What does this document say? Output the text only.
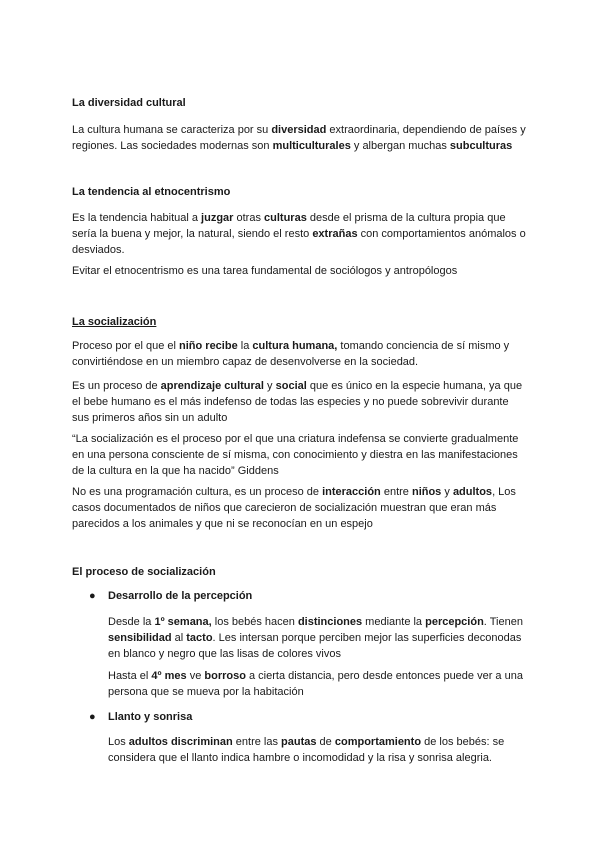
La diversidad cultural

La cultura humana se caracteriza por su diversidad extraordinaria, dependiendo de países y regiones. Las sociedades modernas son multiculturales y albergan muchas subculturas

La tendencia al etnocentrismo

Es la tendencia habitual a juzgar otras culturas desde el prisma de la cultura propia que sería la buena y mejor, la natural, siendo el resto extrañas con comportamientos anómalos o desviados.

Evitar el etnocentrismo es una tarea fundamental de sociólogos y antropólogos

La socialización

Proceso por el que el niño recibe la cultura humana, tomando conciencia de sí mismo y convirtiéndose en un miembro capaz de desenvolverse en la sociedad.

Es un proceso de aprendizaje cultural y social que es único en la especie humana, ya que el bebe humano es el más indefenso de todas las especies y no puede sobrevivir durante sus primeros años sin un adulto

“La socialización es el proceso por el que una criatura indefensa se convierte gradualmente en una persona consciente de sí misma, con conocimiento y diestra en las manifestaciones de la cultura en la que ha nacido” Giddens

No es una programación cultura, es un proceso de interacción entre niños y adultos, Los casos documentados de niños que carecieron de socialización muestran que eran más parecidos a los animales y que ni se reconocían en un espejo

El proceso de socialización
●	Desarrollo de la percepción

Desde la 1º semana, los bebés hacen distinciones mediante la percepción. Tienen sensibilidad al tacto. Les intersan porque perciben mejor las superficies deconodas en blanco y negro que las lisas de colores vivos

Hasta el 4º mes ve borroso a cierta distancia, pero desde entonces puede ver a una persona que se mueva por la habitación

●	Llanto y sonrisa

Los adultos discriminan entre las pautas de comportamiento de los bebés: se considera que el llanto indica hambre o incomodidad y la risa y sonrisa alegria.
